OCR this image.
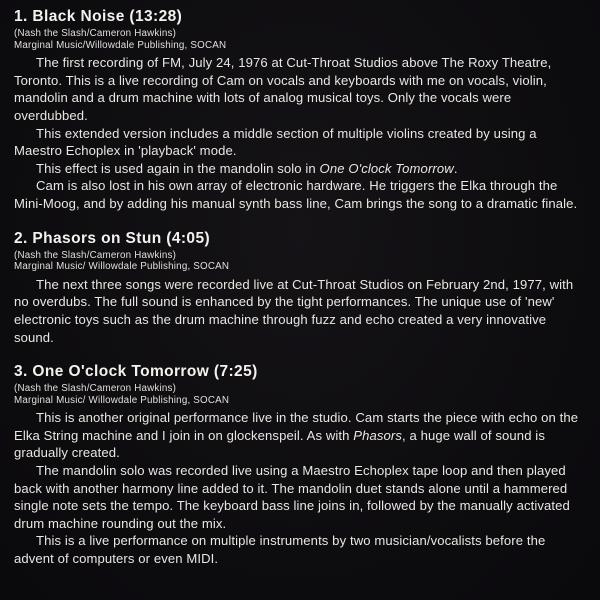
1. Black Noise (13:28)
(Nash the Slash/Cameron Hawkins)
Marginal Music/Willowdale Publishing, SOCAN

The first recording of FM, July 24, 1976 at Cut-Throat Studios above The Roxy Theatre, Toronto. This is a live recording of Cam on vocals and keyboards with me on vocals, violin, mandolin and a drum machine with lots of analog musical toys. Only the vocals were overdubbed.

This extended version includes a middle section of multiple violins created by using a Maestro Echoplex in 'playback' mode.

This effect is used again in the mandolin solo in One O'clock Tomorrow.

Cam is also lost in his own array of electronic hardware. He triggers the Elka through the Mini-Moog, and by adding his manual synth bass line, Cam brings the song to a dramatic finale.

2. Phasors on Stun (4:05)
(Nash the Slash/Cameron Hawkins)
Marginal Music/ Willowdale Publishing, SOCAN

The next three songs were recorded live at Cut-Throat Studios on February 2nd, 1977, with no overdubs. The full sound is enhanced by the tight performances. The unique use of 'new' electronic toys such as the drum machine through fuzz and echo created a very innovative sound.

3. One O'clock Tomorrow (7:25)
(Nash the Slash/Cameron Hawkins)
Marginal Music/ Willowdale Publishing, SOCAN

This is another original performance live in the studio. Cam starts the piece with echo on the Elka String machine and I join in on glockenspeil. As with Phasors, a huge wall of sound is gradually created.

The mandolin solo was recorded live using a Maestro Echoplex tape loop and then played back with another harmony line added to it. The mandolin duet stands alone until a hammered single note sets the tempo. The keyboard bass line joins in, followed by the manually activated drum machine rounding out the mix.

This is a live performance on multiple instruments by two musician/vocalists before the advent of computers or even MIDI.
